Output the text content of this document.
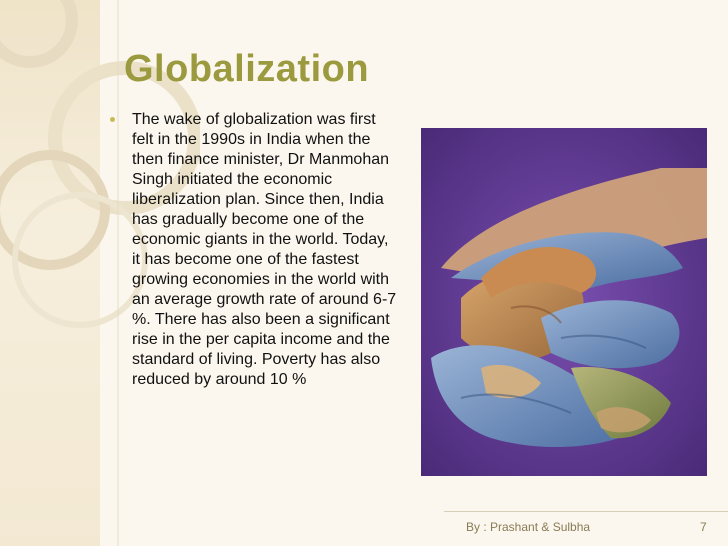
Globalization

The wake of globalization was first felt in the 1990s in India when the then finance minister, Dr Manmohan Singh initiated the economic liberalization plan. Since then, India has gradually become one of the economic giants in the world. Today, it has become one of the fastest growing economies in the world with an average growth rate of around 6-7 %. There has also been a significant rise in the per capita income and the standard of living. Poverty has also reduced by around 10 %

By : Prashant & Sulbha	7
